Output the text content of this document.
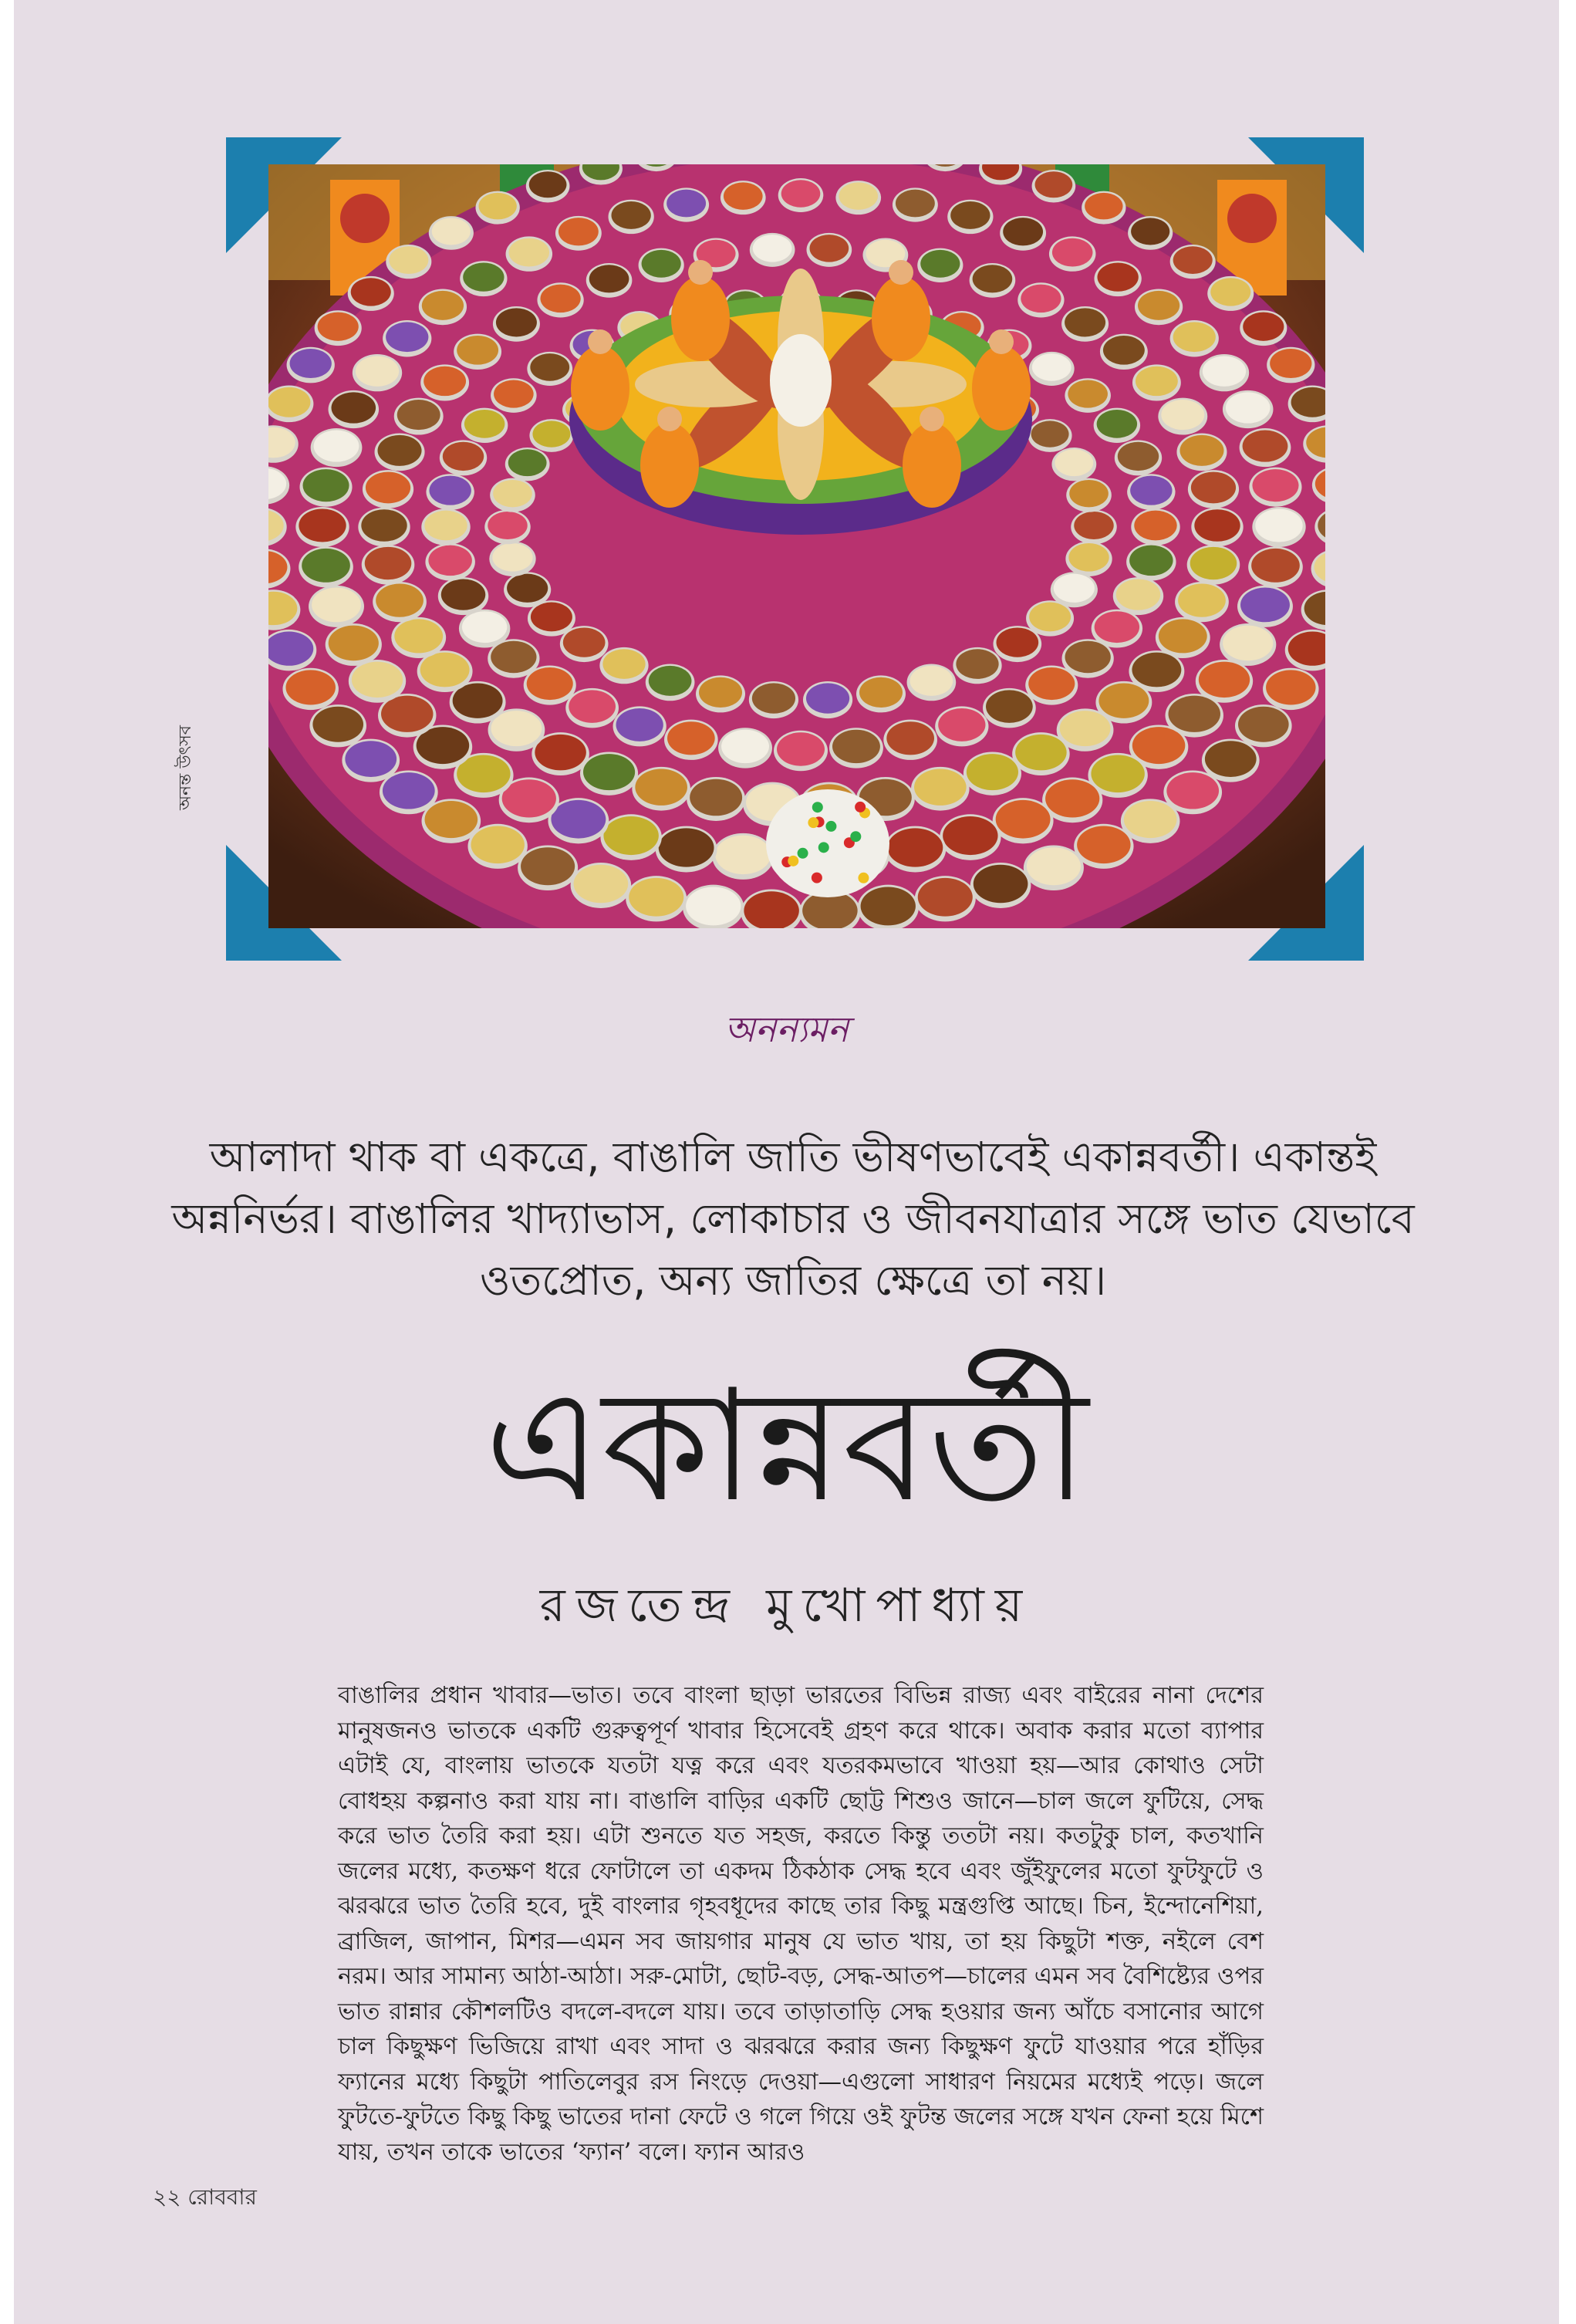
অনন্ত উৎসব
অনন্যমন
আলাদা থাক বা একত্রে, বাঙালি জাতি ভীষণভাবেই একান্নবর্তী। একান্তই অন্ননির্ভর। বাঙালির খাদ্যাভাস, লোকাচার ও জীবনযাত্রার সঙ্গে ভাত যেভাবে ওতপ্রোত, অন্য জাতির ক্ষেত্রে তা নয়।
একান্নবর্তী
রজতেন্দ্র মুখোপাধ্যায়
বাঙালির প্রধান খাবার—ভাত। তবে বাংলা ছাড়া ভারতের বিভিন্ন রাজ্য এবং বাইরের নানা দেশের মানুষজনও ভাতকে একটি গুরুত্বপূর্ণ খাবার হিসেবেই গ্রহণ করে থাকে। অবাক করার মতো ব্যাপার এটাই যে, বাংলায় ভাতকে যতটা যত্ন করে এবং যতরকমভাবে খাওয়া হয়—আর কোথাও সেটা বোধহয় কল্পনাও করা যায় না। বাঙালি বাড়ির একটি ছোট্ট শিশুও জানে—চাল জলে ফুটিয়ে, সেদ্ধ করে ভাত তৈরি করা হয়। এটা শুনতে যত সহজ, করতে কিন্তু ততটা নয়। কতটুকু চাল, কতখানি জলের মধ্যে, কতক্ষণ ধরে ফোটালে তা একদম ঠিকঠাক সেদ্ধ হবে এবং জুঁইফুলের মতো ফুটফুটে ও ঝরঝরে ভাত তৈরি হবে, দুই বাংলার গৃহবধূদের কাছে তার কিছু মন্ত্রগুপ্তি আছে। চিন, ইন্দোনেশিয়া, ব্রাজিল, জাপান, মিশর—এমন সব জায়গার মানুষ যে ভাত খায়, তা হয় কিছুটা শক্ত, নইলে বেশ নরম। আর সামান্য আঠা-আঠা। সরু-মোটা, ছোট-বড়, সেদ্ধ-আতপ—চালের এমন সব বৈশিষ্ট্যের ওপর ভাত রান্নার কৌশলটিও বদলে-বদলে যায়। তবে তাড়াতাড়ি সেদ্ধ হওয়ার জন্য আঁচে বসানোর আগে চাল কিছুক্ষণ ভিজিয়ে রাখা এবং সাদা ও ঝরঝরে করার জন্য কিছুক্ষণ ফুটে যাওয়ার পরে হাঁড়ির ফ্যানের মধ্যে কিছুটা পাতিলেবুর রস নিংড়ে দেওয়া—এগুলো সাধারণ নিয়মের মধ্যেই পড়ে। জলে ফুটতে-ফুটতে কিছু কিছু ভাতের দানা ফেটে ও গলে গিয়ে ওই ফুটন্ত জলের সঙ্গে যখন ফেনা হয়ে মিশে যায়, তখন তাকে ভাতের ‘ফ্যান’ বলে। ফ্যান আরও
২২ রোববার
